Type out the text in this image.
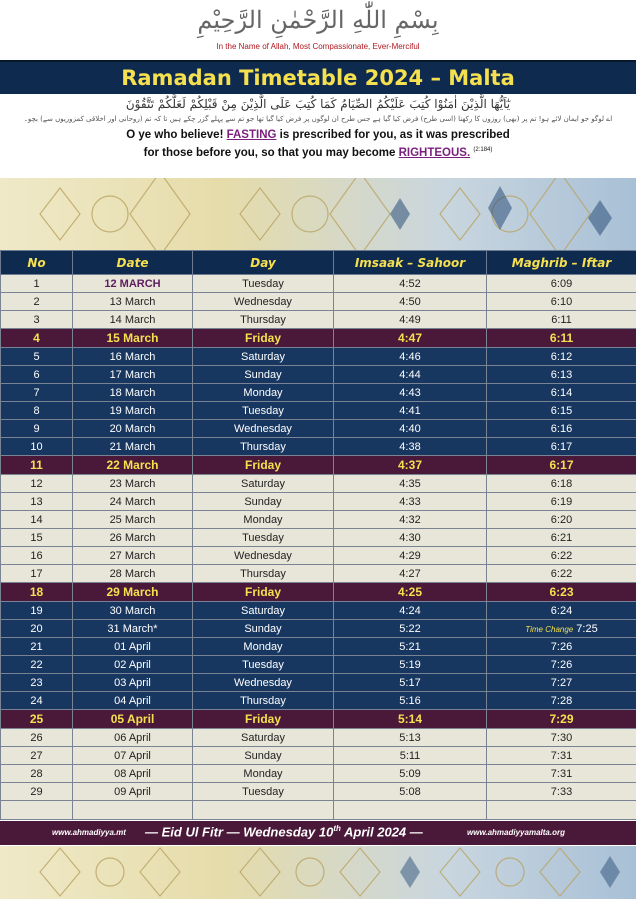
بِسْمِ اللّٰهِ الرَّحْمٰنِ الرَّحِيْمِ
In the Name of Allah, Most Compassionate, Ever-Merciful
Ramadan Timetable 2024 – Malta
يٰٓاَيُّهَا الَّذِيْنَ اٰمَنُوْا كُتِبَ عَلَيْكُمُ الصِّيَامُ كَمَا كُتِبَ عَلَى الَّذِيْنَ مِنْ قَبْلِكُمْ لَعَلَّكُمْ تَتَّقُوْنَ
اے لوگو جو ایمان لائے ہو! تم پر (بھی) روزوں کا رکھنا (اسی طرح) فرض کیا گیا ہے جس طرح ان لوگوں پر فرض کیا گیا تھا جو تم سے پہلے گزر چکے ہیں تا کہ تم (روحانی اور اخلاقی کمزوریوں سے) بچو۔
O ye who believe! FASTING is prescribed for you, as it was prescribed
for those before you, so that you may become RIGHTEOUS. $^{(2:184)}$
No	Date	Day	Imsaak – Sahoor	Maghrib – Iftar
1	12 MARCH	Tuesday	4:52	6:09
2	13 March	Wednesday	4:50	6:10
3	14 March	Thursday	4:49	6:11
4	15 March	Friday	4:47	6:11
5	16 March	Saturday	4:46	6:12
6	17 March	Sunday	4:44	6:13
7	18 March	Monday	4:43	6:14
8	19 March	Tuesday	4:41	6:15
9	20 March	Wednesday	4:40	6:16
10	21 March	Thursday	4:38	6:17
11	22 March	Friday	4:37	6:17
12	23 March	Saturday	4:35	6:18
13	24 March	Sunday	4:33	6:19
14	25 March	Monday	4:32	6:20
15	26 March	Tuesday	4:30	6:21
16	27 March	Wednesday	4:29	6:22
17	28 March	Thursday	4:27	6:22
18	29 March	Friday	4:25	6:23
19	30 March	Saturday	4:24	6:24
20	31 March*	Sunday	5:22	Time Change 7:25
21	01 April	Monday	5:21	7:26
22	02 April	Tuesday	5:19	7:26
23	03 April	Wednesday	5:17	7:27
24	04 April	Thursday	5:16	7:28
25	05 April	Friday	5:14	7:29
26	06 April	Saturday	5:13	7:30
27	07 April	Sunday	5:11	7:31
28	08 April	Monday	5:09	7:31
29	09 April	Tuesday	5:08	7:33

www.ahmadiyya.mt — Eid Ul Fitr — Wednesday 10th April 2024 —	www.ahmadiyyamalta.org
